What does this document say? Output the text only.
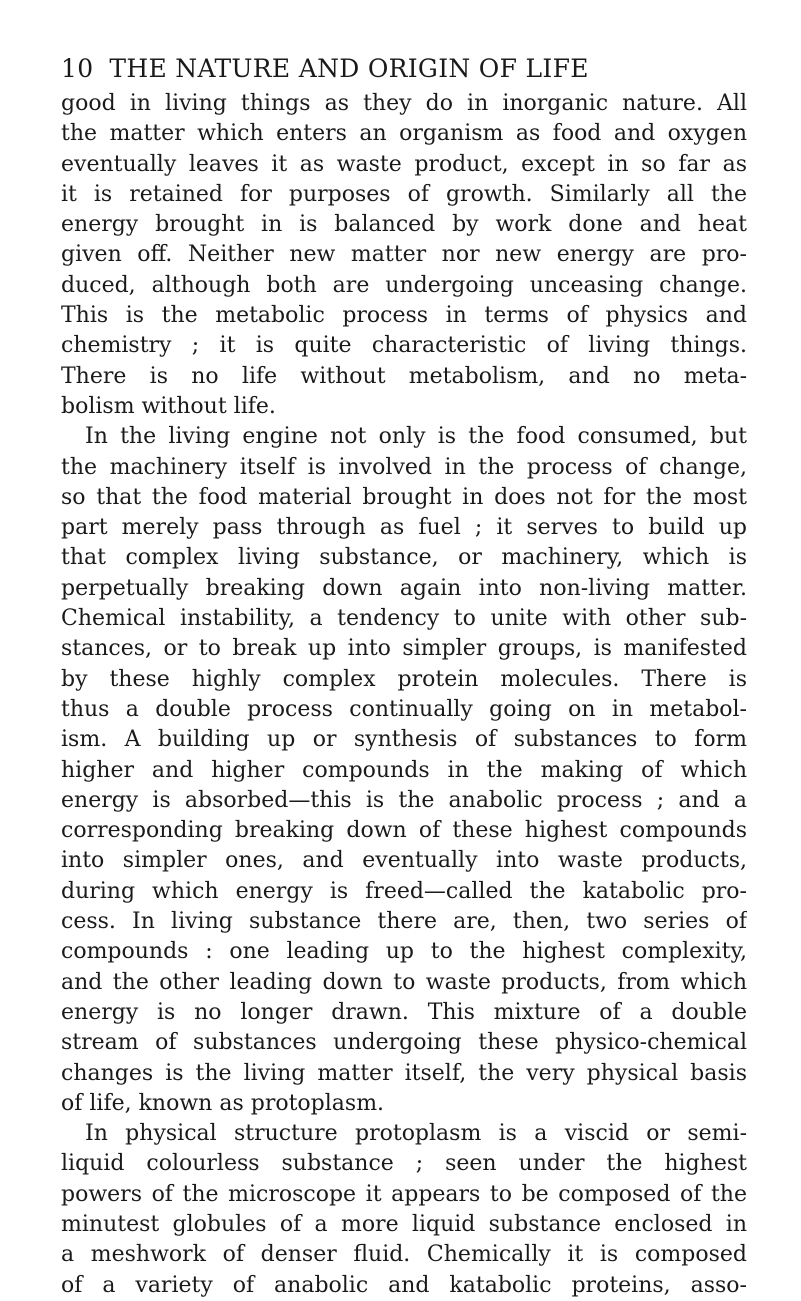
10 THE NATURE AND ORIGIN OF LIFE
good in living things as they do in inorganic nature. All
the matter which enters an organism as food and oxygen
eventually leaves it as waste product, except in so far as
it is retained for purposes of growth. Similarly all the
energy brought in is balanced by work done and heat
given off. Neither new matter nor new energy are pro-
duced, although both are undergoing unceasing change.
This is the metabolic process in terms of physics and
chemistry ; it is quite characteristic of living things.
There is no life without metabolism, and no meta-
bolism without life.
In the living engine not only is the food consumed, but
the machinery itself is involved in the process of change,
so that the food material brought in does not for the most
part merely pass through as fuel ; it serves to build up
that complex living substance, or machinery, which is
perpetually breaking down again into non-living matter.
Chemical instability, a tendency to unite with other sub-
stances, or to break up into simpler groups, is manifested
by these highly complex protein molecules. There is
thus a double process continually going on in metabol-
ism. A building up or synthesis of substances to form
higher and higher compounds in the making of which
energy is absorbed—this is the anabolic process ; and a
corresponding breaking down of these highest compounds
into simpler ones, and eventually into waste products,
during which energy is freed—called the katabolic pro-
cess. In living substance there are, then, two series of
compounds : one leading up to the highest complexity,
and the other leading down to waste products, from which
energy is no longer drawn. This mixture of a double
stream of substances undergoing these physico-chemical
changes is the living matter itself, the very physical basis
of life, known as protoplasm.
In physical structure protoplasm is a viscid or semi-
liquid colourless substance ; seen under the highest
powers of the microscope it appears to be composed of the
minutest globules of a more liquid substance enclosed in
a meshwork of denser fluid. Chemically it is composed
of a variety of anabolic and katabolic proteins, asso-
